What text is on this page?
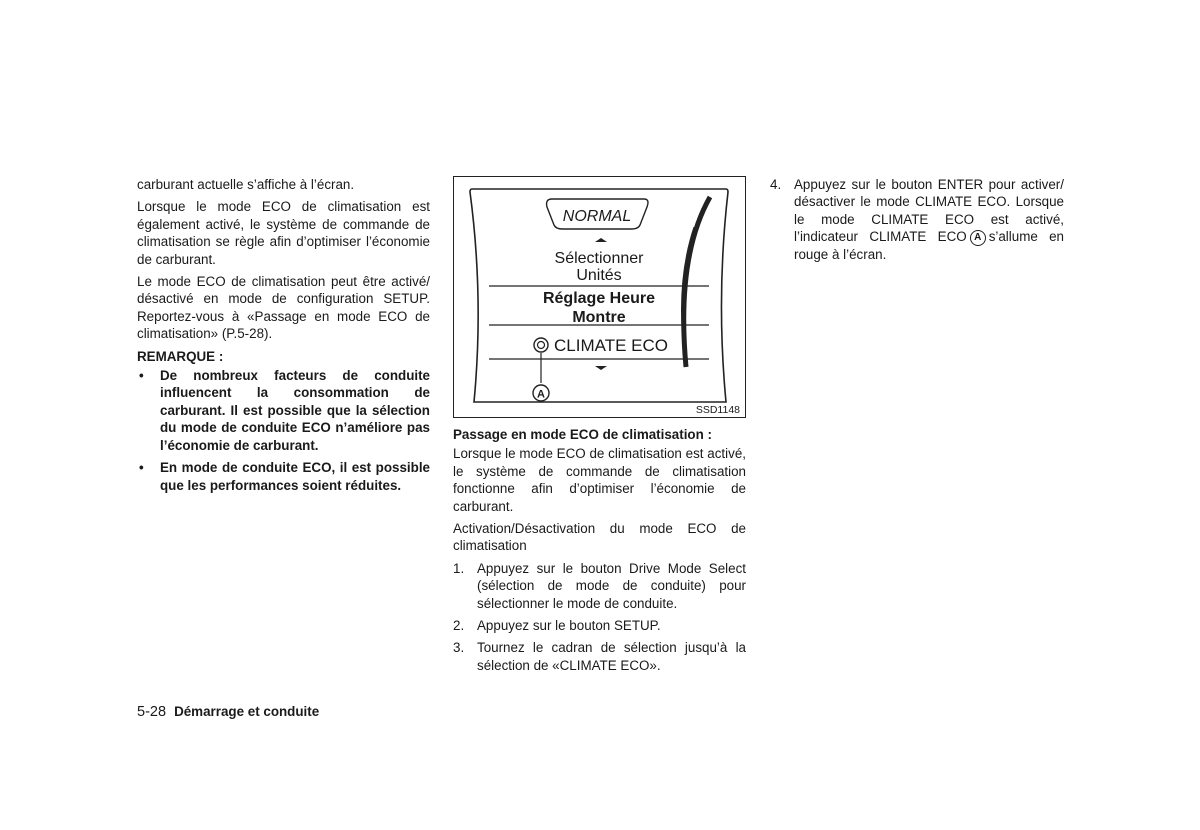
carburant actuelle s’affiche à l’écran.

Lorsque le mode ECO de climatisation est également activé, le système de commande de climatisation se règle afin d’optimiser l’économie de carburant.

Le mode ECO de climatisation peut être activé/ désactivé en mode de configuration SETUP. Reportez-vous à «Passage en mode ECO de climatisation» (P.5-28).

REMARQUE :

• De nombreux facteurs de conduite influencent la consommation de carburant. Il est possible que la sélection du mode de conduite ECO n’améliore pas l’économie de carburant.
• En mode de conduite ECO, il est possible que les performances soient réduites.
NORMAL
Sélectionner
Unités
Réglage Heure
Montre
CLIMATE ECO
A
SSD1148

Passage en mode ECO de climatisation :

Lorsque le mode ECO de climatisation est activé, le système de commande de climatisation fonctionne afin d’optimiser l’économie de carburant.

Activation/Désactivation du mode ECO de climatisation

1. Appuyez sur le bouton Drive Mode Select (sélection de mode de conduite) pour sélectionner le mode de conduite.
2. Appuyez sur le bouton SETUP.
3. Tournez le cadran de sélection jusqu’à la sélection de «CLIMATE ECO».
4. Appuyez sur le bouton ENTER pour activer/ désactiver le mode CLIMATE ECO. Lorsque le mode CLIMATE ECO est activé, l’indicateur CLIMATE ECO A s’allume en rouge à l’écran.
5-28 Démarrage et conduite
